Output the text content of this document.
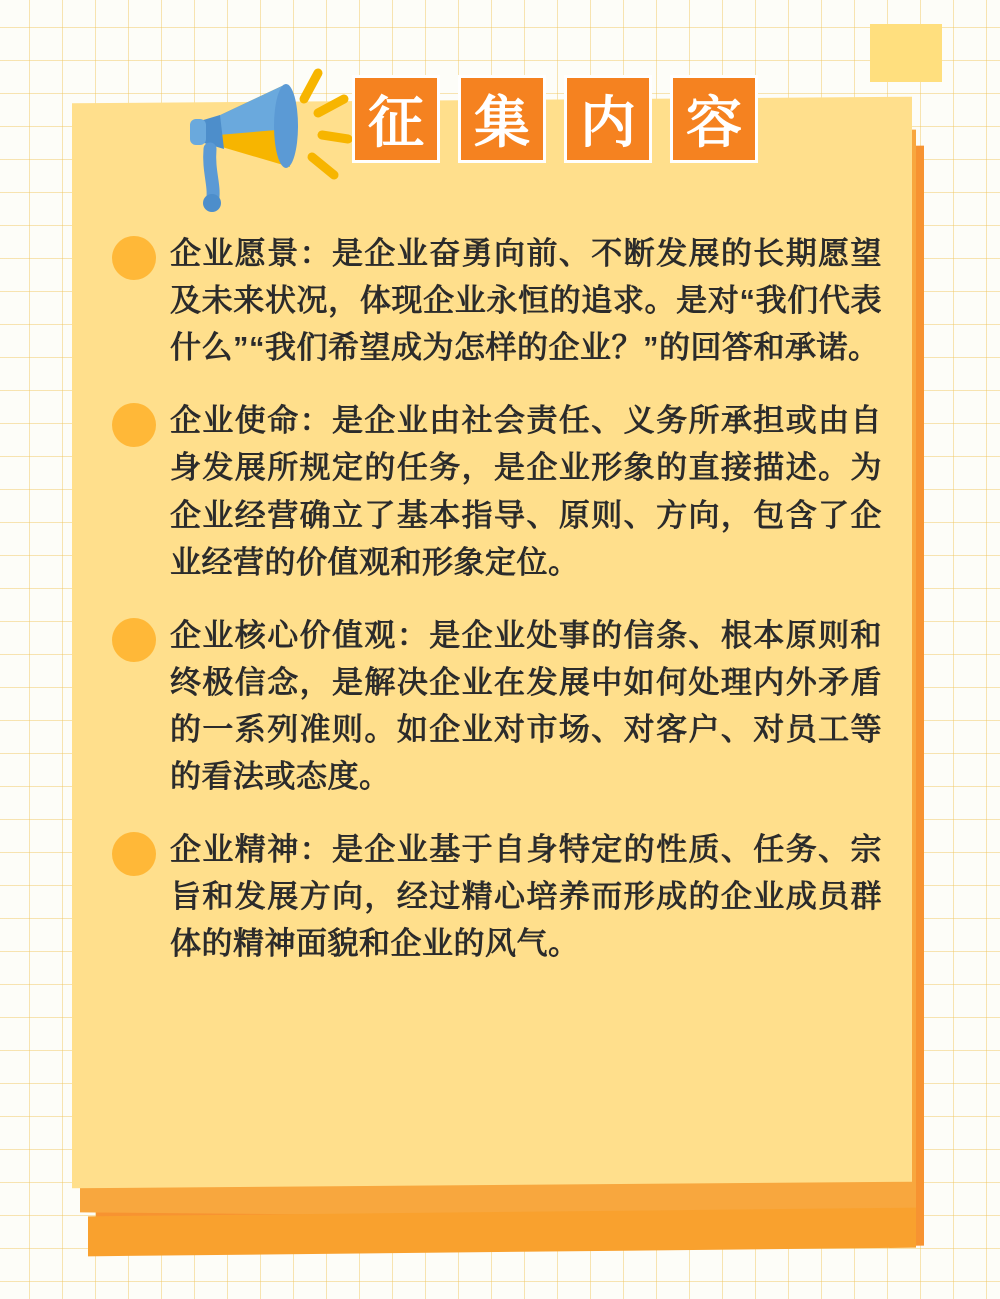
征 集 内 容
企业愿景：是企业奋勇向前、不断发展的长期愿望及未来状况，体现企业永恒的追求。是对“我们代表什么”“我们希望成为怎样的企业？”的回答和承诺。
企业使命：是企业由社会责任、义务所承担或由自身发展所规定的任务，是企业形象的直接描述。为企业经营确立了基本指导、原则、方向，包含了企业经营的价值观和形象定位。
企业核心价值观：是企业处事的信条、根本原则和终极信念，是解决企业在发展中如何处理内外矛盾的一系列准则。如企业对市场、对客户、对员工等的看法或态度。
企业精神：是企业基于自身特定的性质、任务、宗旨和发展方向，经过精心培养而形成的企业成员群体的精神面貌和企业的风气。
